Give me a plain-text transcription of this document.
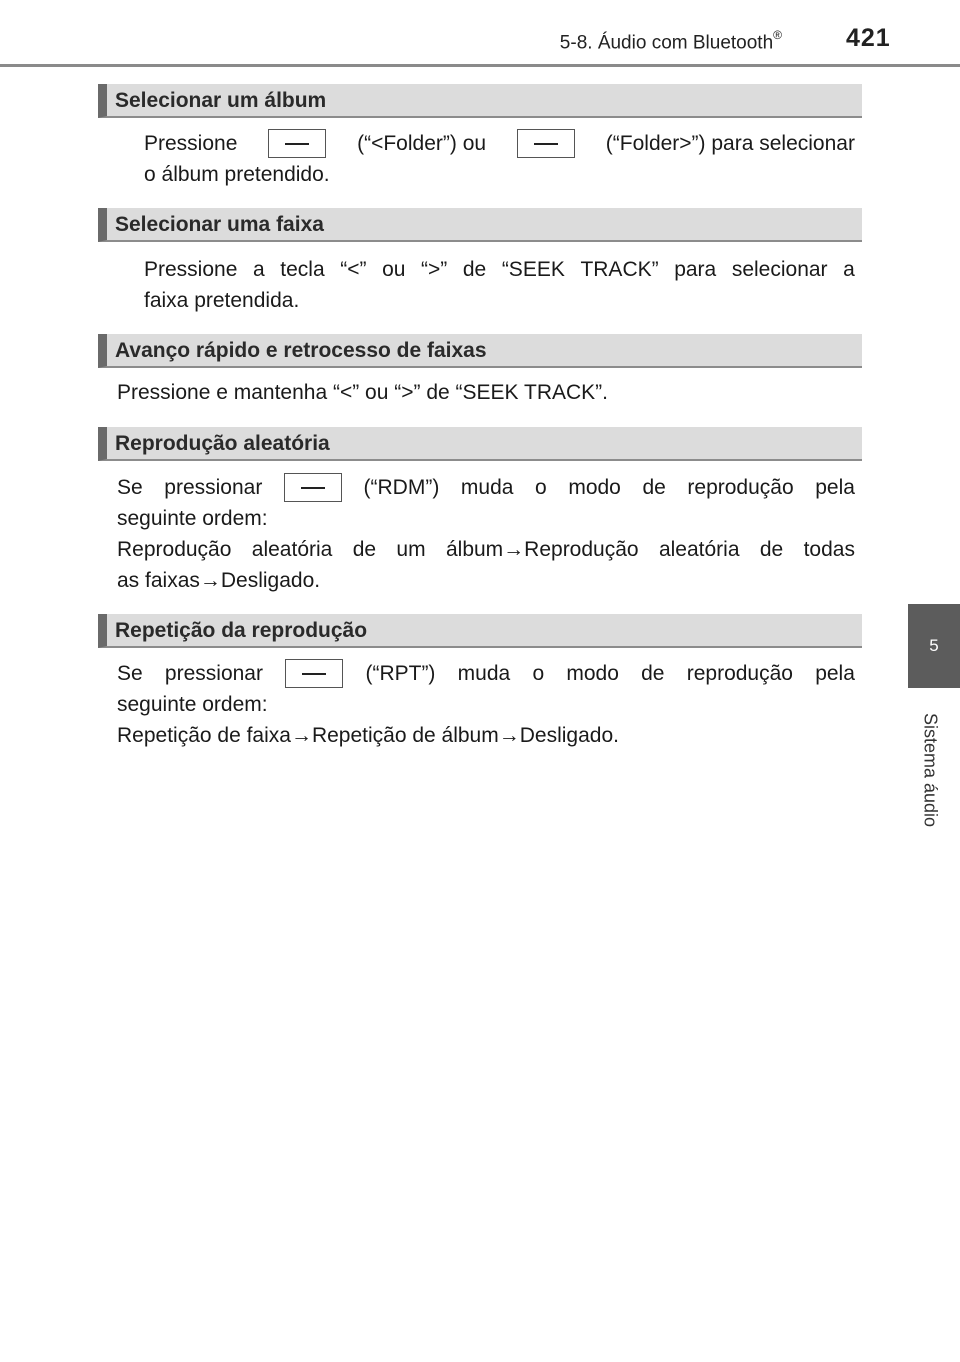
5-8. Áudio com Bluetooth®	421
5
Sistema áudio
Selecionar um álbum
Pressione	(“<Folder”) ou	(“Folder>”) para selecionar
o álbum pretendido.
Selecionar uma faixa
Pressione a tecla “<” ou “>” de “SEEK TRACK” para selecionar a
faixa pretendida.
Avanço rápido e retrocesso de faixas
Pressione e mantenha “<” ou “>” de “SEEK TRACK”.
Reprodução aleatória
Se pressionar	(“RDM”) muda o modo de reprodução pela
seguinte ordem:
Reprodução aleatória de um álbum→Reprodução aleatória de todas
as faixas→Desligado.
Repetição da reprodução
Se pressionar	(“RPT”) muda o modo de reprodução pela
seguinte ordem:
Repetição de faixa→Repetição de álbum→Desligado.
